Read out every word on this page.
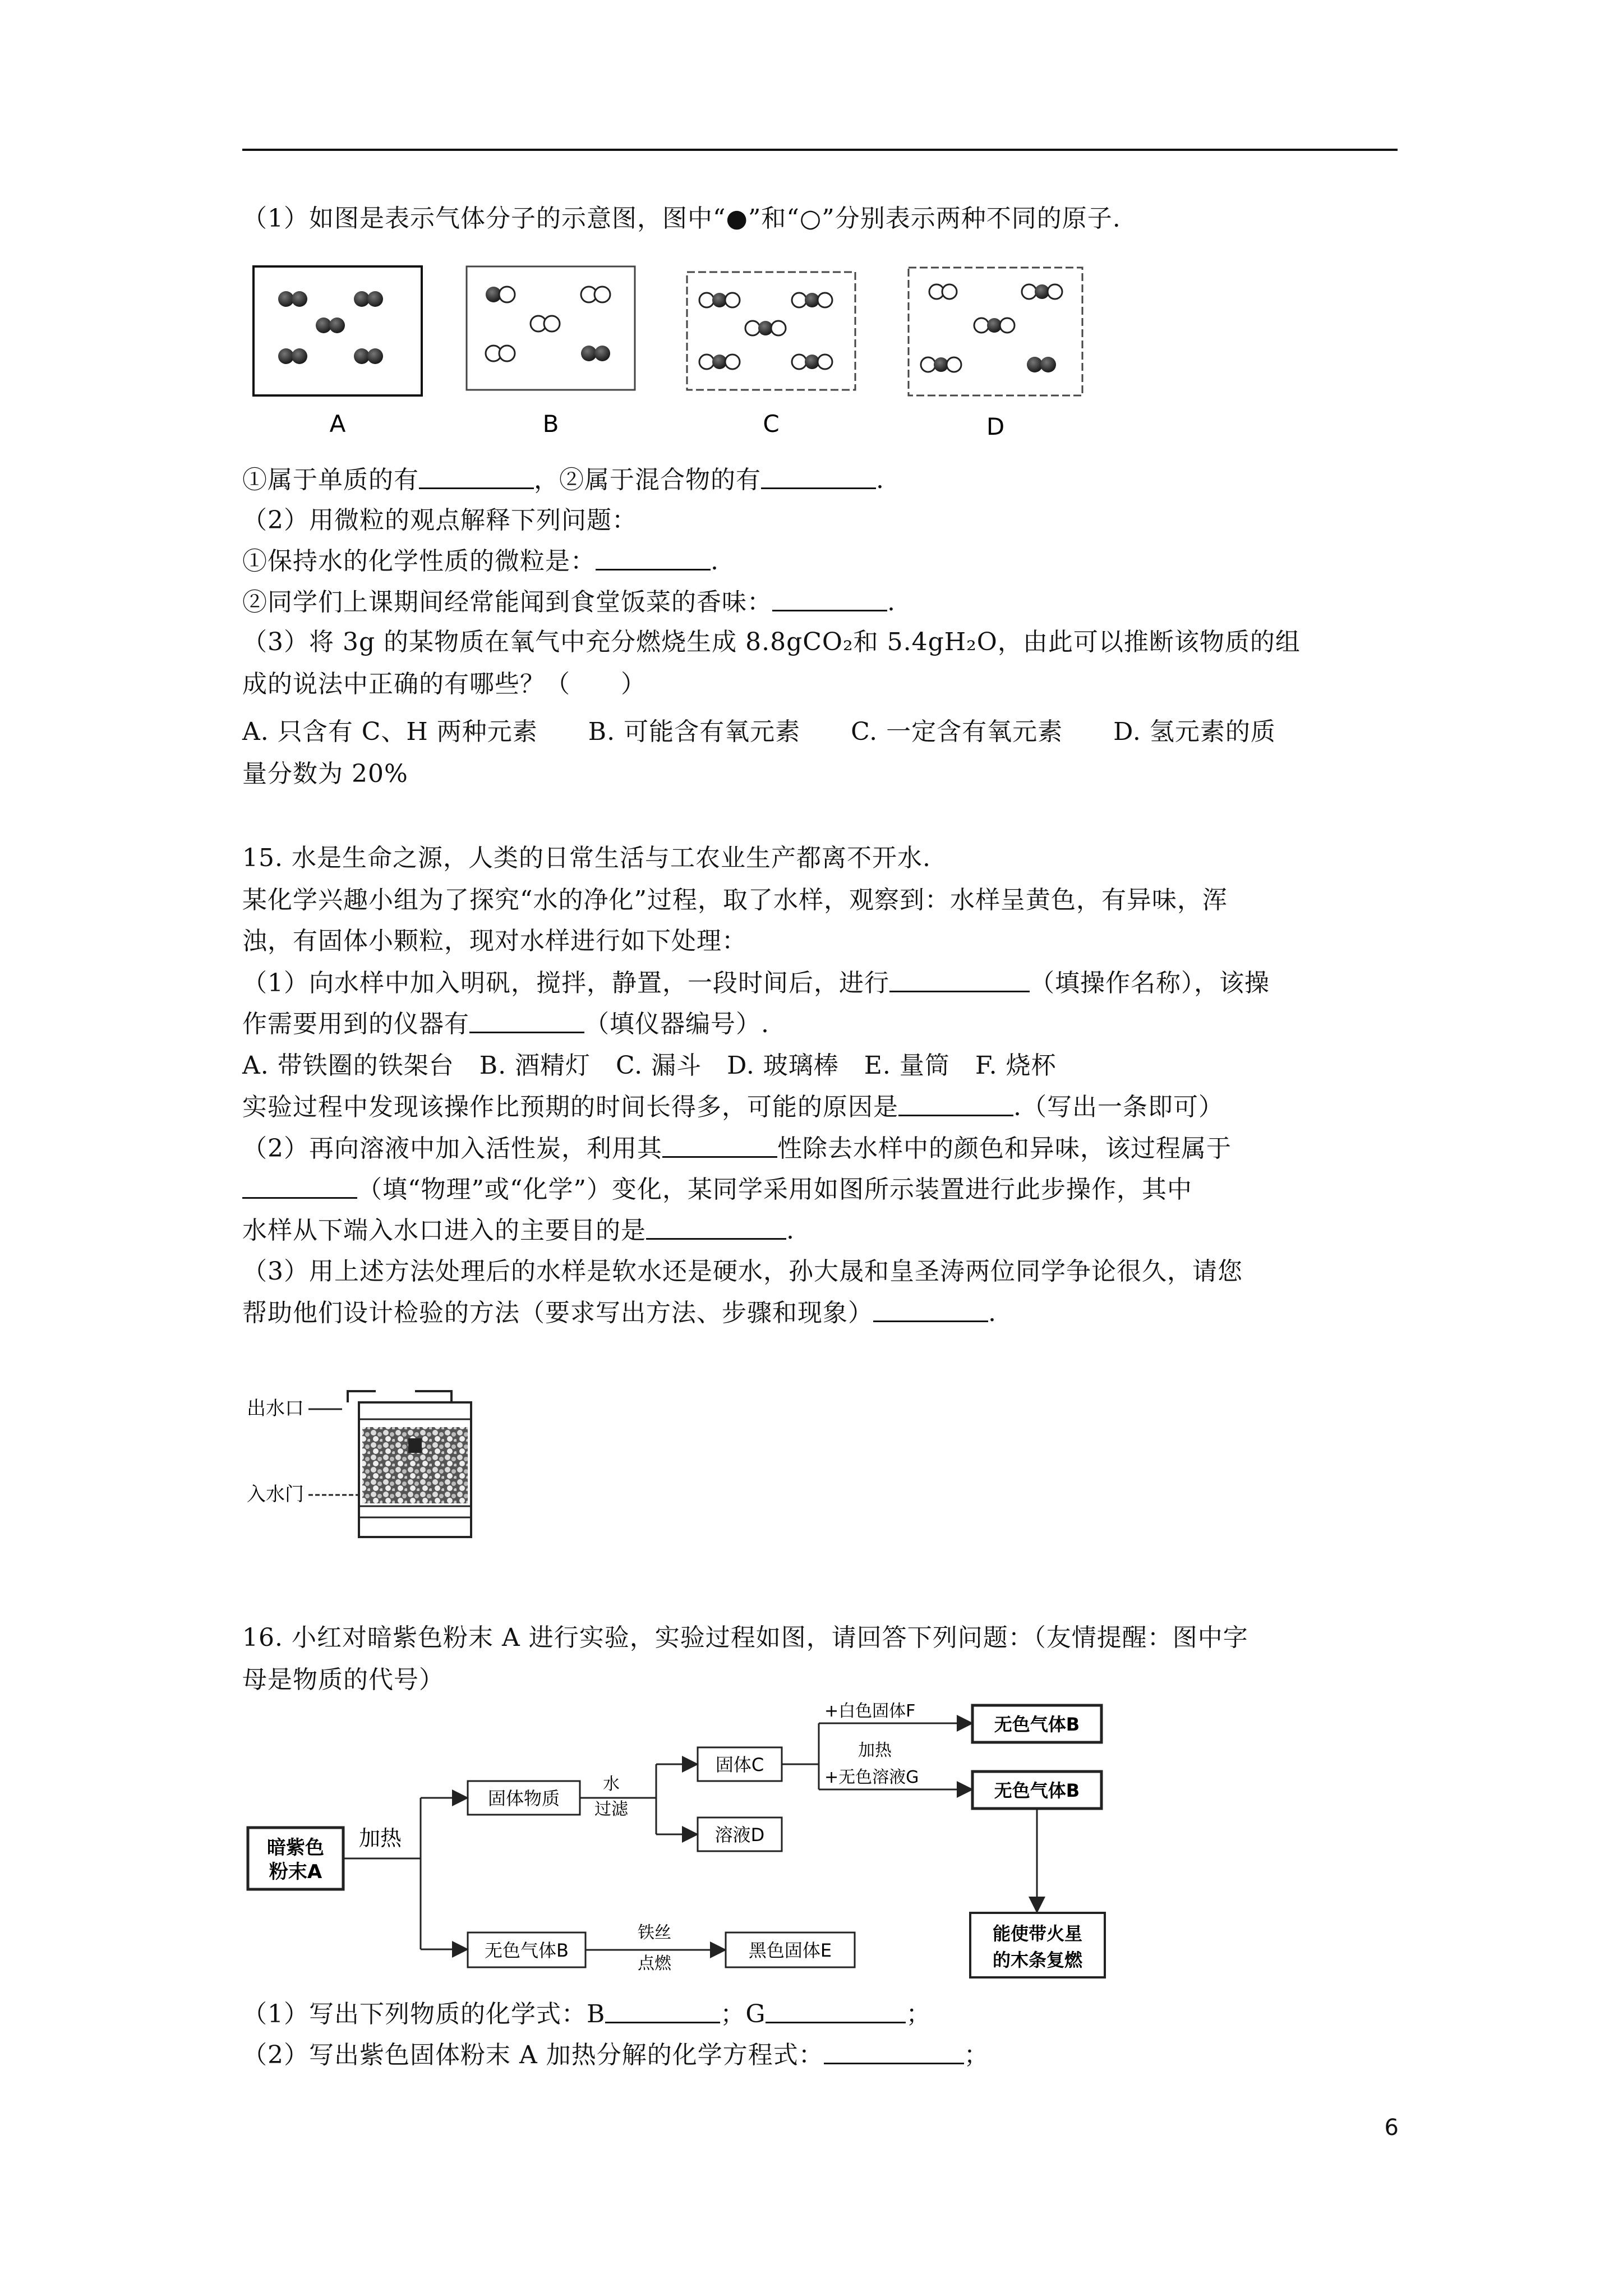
（1）如图是表示气体分子的示意图，图中“●”和“○”分别表示两种不同的原子.
A	B	C	D
①属于单质的有	，②属于混合物的有	.
（2）用微粒的观点解释下列问题：
①保持水的化学性质的微粒是：	.
②同学们上课期间经常能闻到食堂饭菜的香味：	.
（3）将 3g 的某物质在氧气中充分燃烧生成 8.8gCO₂和 5.4gH₂O，由此可以推断该物质的组
成的说法中正确的有哪些？（　　）
A. 只含有 C、H 两种元素　　B. 可能含有氧元素　　C. 一定含有氧元素　　D. 氢元素的质
量分数为 20%
15. 水是生命之源，人类的日常生活与工农业生产都离不开水.
某化学兴趣小组为了探究“水的净化”过程，取了水样，观察到：水样呈黄色，有异味，浑
浊，有固体小颗粒，现对水样进行如下处理：
（1）向水样中加入明矾，搅拌，静置，一段时间后，进行	（填操作名称），该操
作需要用到的仪器有	（填仪器编号）.
A. 带铁圈的铁架台　B. 酒精灯　C. 漏斗　D. 玻璃棒　E. 量筒　F. 烧杯
实验过程中发现该操作比预期的时间长得多，可能的原因是	.（写出一条即可）
（2）再向溶液中加入活性炭，利用其	性除去水样中的颜色和异味，该过程属于
（填“物理”或“化学”）变化，某同学采用如图所示装置进行此步操作，其中
水样从下端入水口进入的主要目的是	.
（3）用上述方法处理后的水样是软水还是硬水，孙大晟和皇圣涛两位同学争论很久，请您
帮助他们设计检验的方法（要求写出方法、步骤和现象）	.
出水口
入水门
16. 小红对暗紫色粉末 A 进行实验，实验过程如图，请回答下列问题：（友情提醒：图中字
母是物质的代号）
暗紫色
粉末A
加热
固体物质
水
过滤
固体C
溶液D
+白色固体F
加热
+无色溶液G
无色气体B
无色气体B
能使带火星
的木条复燃
无色气体B
铁丝
点燃
黑色固体E
（1）写出下列物质的化学式：B	；G	；
（2）写出紫色固体粉末 A 加热分解的化学方程式：	；
6
